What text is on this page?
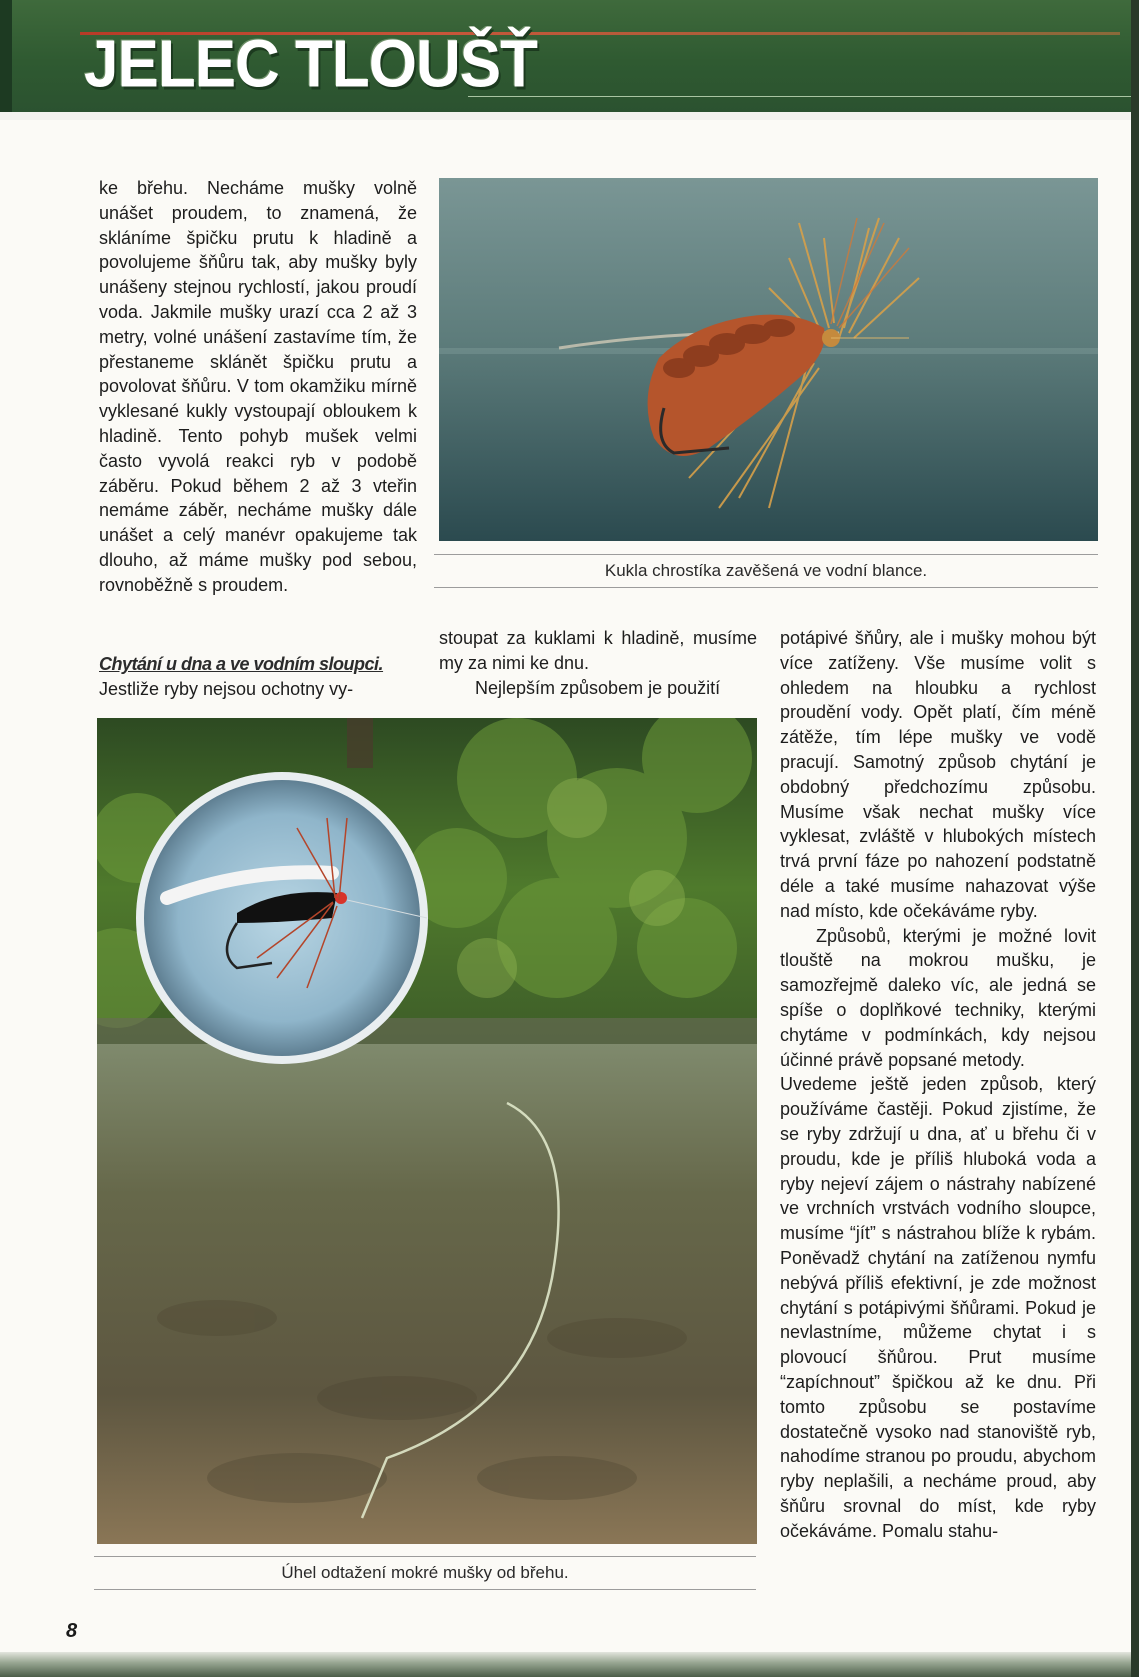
JELEC TLOUŠŤ

ke břehu. Necháme mušky volně unášet proudem, to znamená, že skláníme špičku prutu k hladině a povolujeme šňůru tak, aby mušky byly unášeny stejnou rychlostí, jakou proudí voda. Jakmile mušky urazí cca 2 až 3 metry, volné unášení zastavíme tím, že přestaneme sklánět špičku prutu a povolovat šňůru. V tom okamžiku mírně vyklesané kukly vystoupají obloukem k hladině. Tento pohyb mušek velmi často vyvolá reakci ryb v podobě záběru. Pokud během 2 až 3 vteřin nemáme záběr, necháme mušky dále unášet a celý manévr opakujeme tak dlouho, až máme mušky pod sebou, rovnoběžně s proudem.

Kukla chrostíka zavěšená ve vodní blance.

Chytání u dna a ve vodním sloupci.

Jestliže ryby nejsou ochotny vy-

stoupat za kuklami k hladině, musíme my za nimi ke dnu.

Nejlepším způsobem je použití

potápivé šňůry, ale i mušky mohou být více zatíženy. Vše musíme volit s ohledem na hloubku a rychlost proudění vody. Opět platí, čím méně zátěže, tím lépe mušky ve vodě pracují. Samotný způsob chytání je obdobný předchozímu způsobu. Musíme však nechat mušky více vyklesat, zvláště v hlubokých místech trvá první fáze po nahození podstatně déle a také musíme nahazovat výše nad místo, kde očekáváme ryby.

Způsobů, kterými je možné lovit tlouště na mokrou mušku, je samozřejmě daleko víc, ale jedná se spíše o doplňkové techniky, kterými chytáme v podmínkách, kdy nejsou účinné právě popsané metody.

Uvedeme ještě jeden způsob, který používáme častěji. Pokud zjistíme, že se ryby zdržují u dna, ať u břehu či v proudu, kde je příliš hluboká voda a ryby nejeví zájem o nástrahy nabízené ve vrchních vrstvách vodního sloupce, musíme “jít” s nástrahou blíže k rybám. Poněvadž chytání na zatíženou nymfu nebývá příliš efektivní, je zde možnost chytání s potápivými šňůrami. Pokud je nevlastníme, můžeme chytat i s plovoucí šňůrou. Prut musíme “zapíchnout” špičkou až ke dnu. Při tomto způsobu se postavíme dostatečně vysoko nad stanoviště ryb, nahodíme stranou po proudu, abychom ryby neplašili, a necháme proud, aby šňůru srovnal do míst, kde ryby očekáváme. Pomalu stahu-

Úhel odtažení mokré mušky od břehu.
8
